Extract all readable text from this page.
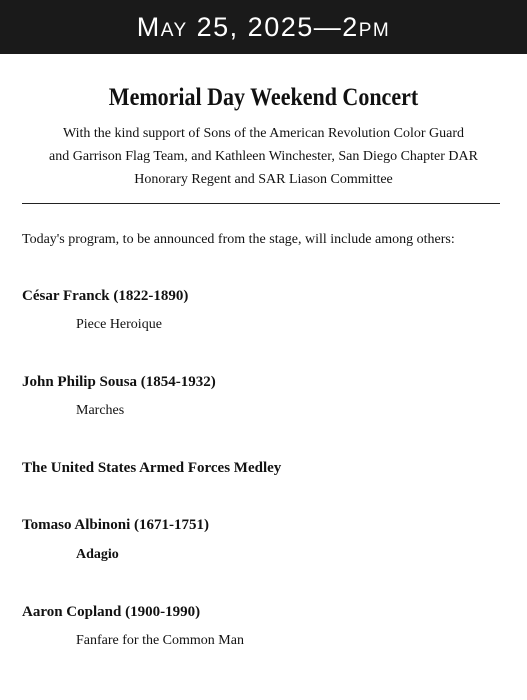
May 25, 2025—2pm
Memorial Day Weekend Concert
With the kind support of Sons of the American Revolution Color Guard
and Garrison Flag Team, and Kathleen Winchester, San Diego Chapter DAR
Honorary Regent and SAR Liason Committee
Today's program, to be announced from the stage, will include among others:
César Franck (1822-1890)
Piece Heroique
John Philip Sousa (1854-1932)
Marches
The United States Armed Forces Medley
Tomaso Albinoni (1671-1751)
Adagio
Aaron Copland (1900-1990)
Fanfare for the Common Man
